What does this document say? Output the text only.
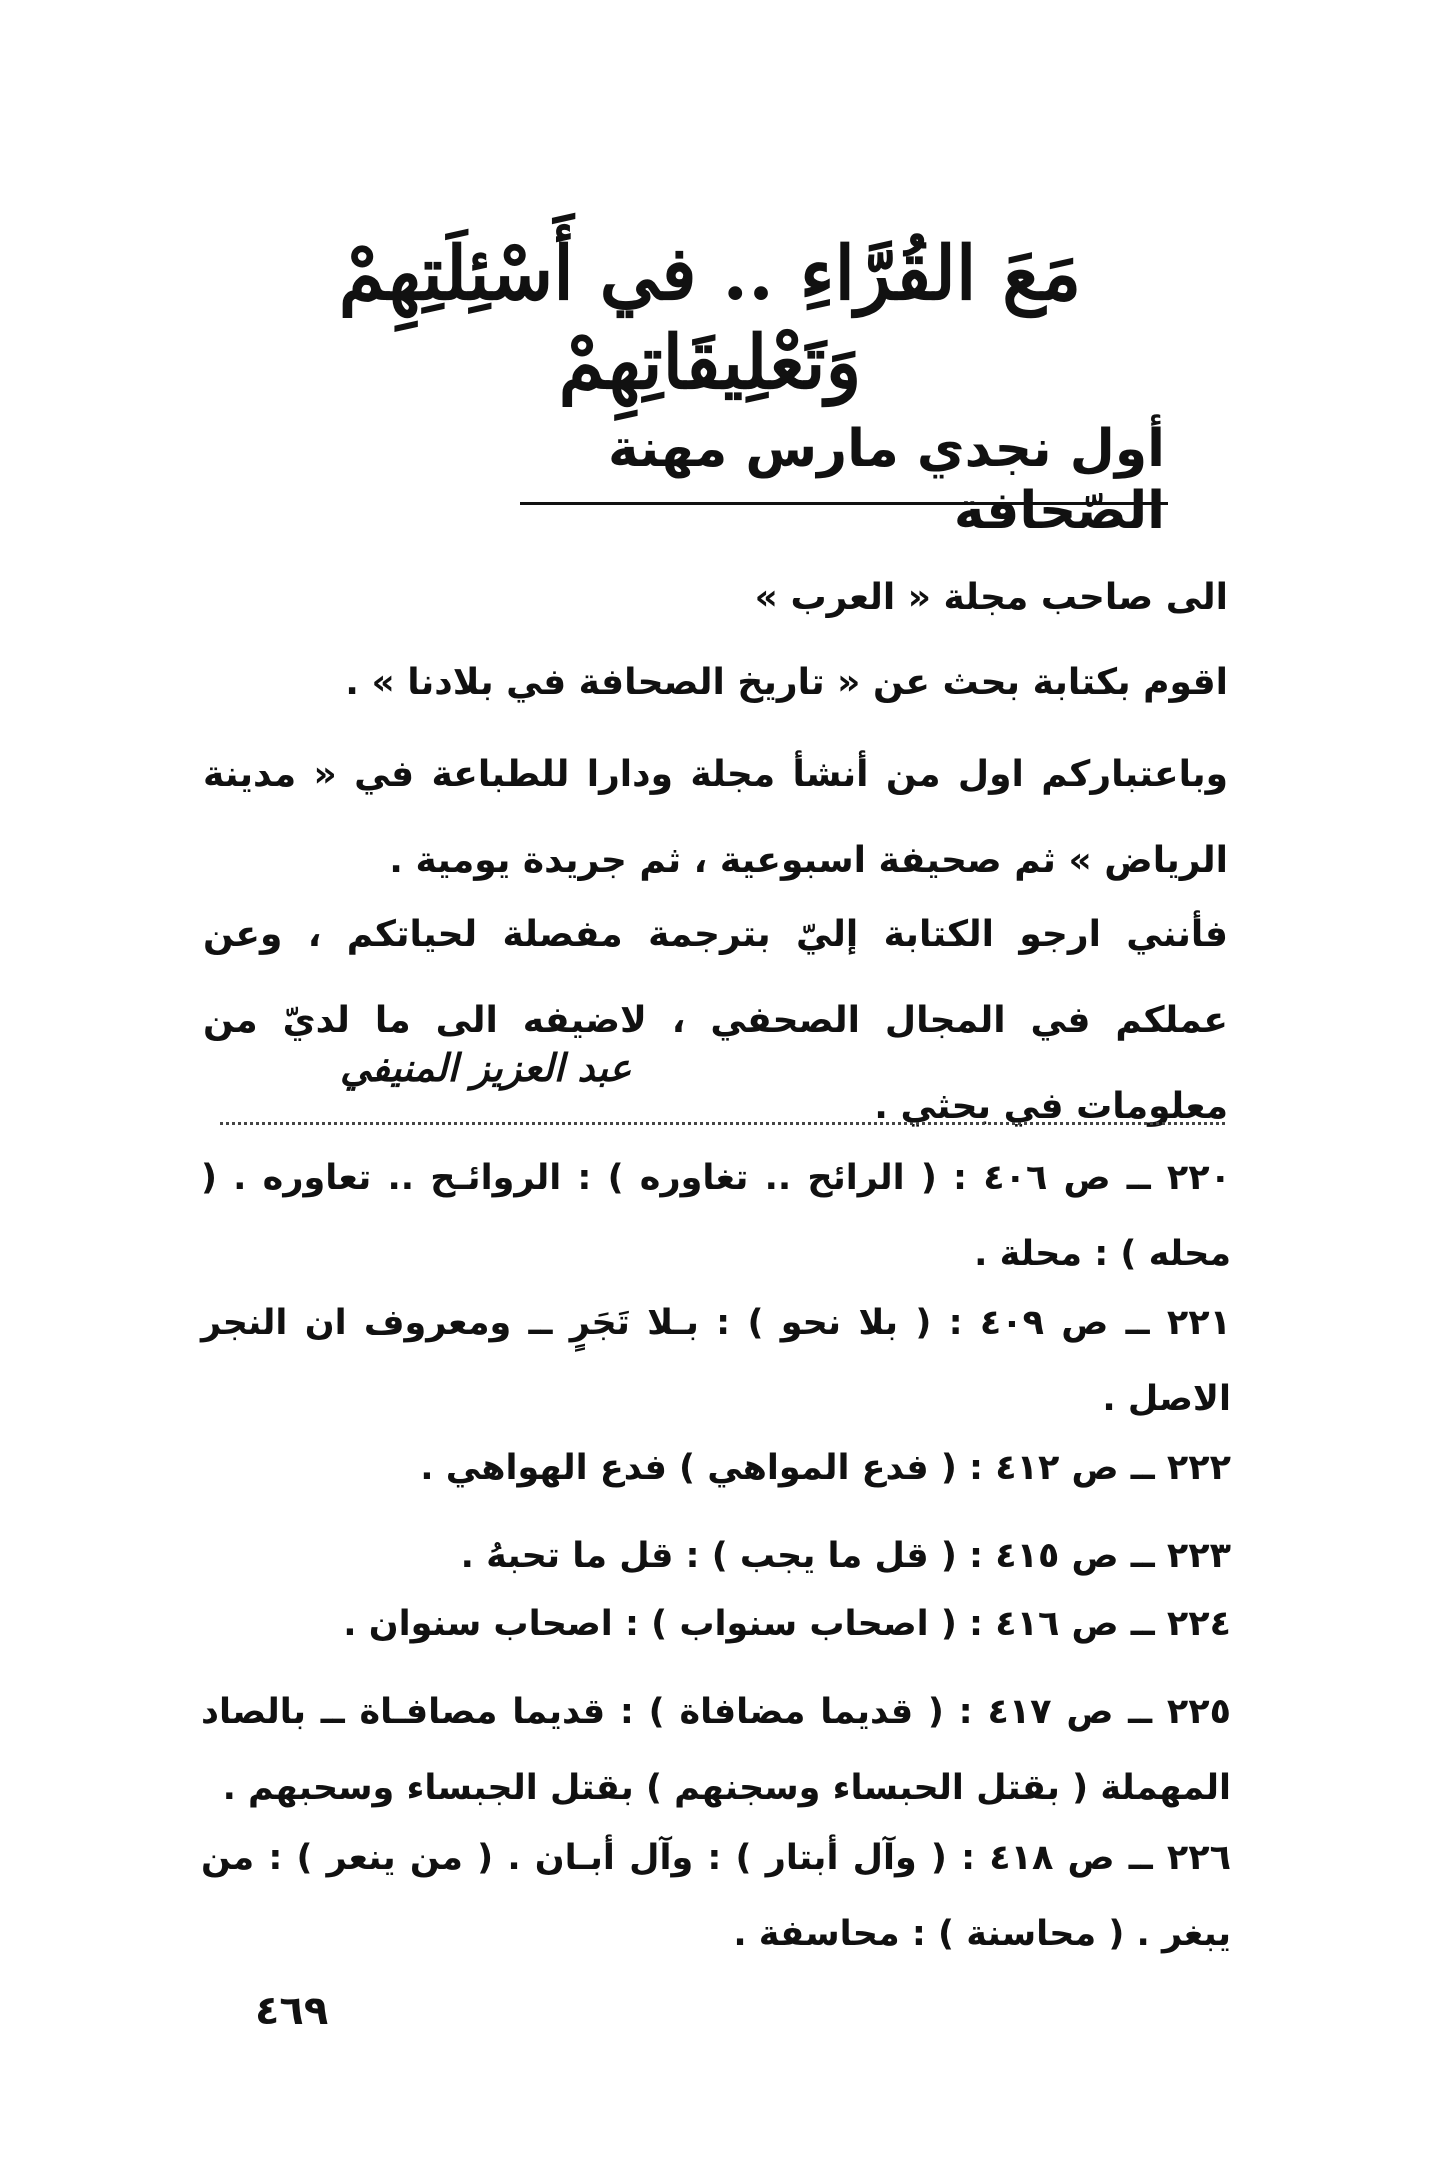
مَعَ القُرَّاءِ .. في أَسْئِلَتِهِمْ وَتَعْلِيقَاتِهِمْ
أول نجدي مارس مهنة الصّحافة
الى صاحب مجلة « العرب »
اقوم بكتابة بحث عن « تاريخ الصحافة في بلادنا » .
وباعتباركم اول من أنشأ مجلة ودارا للطباعة في « مدينة الرياض » ثم صحيفة اسبوعية ، ثم جريدة يومية .
فأنني ارجو الكتابة إليّ بترجمة مفصلة لحياتكم ، وعن عملكم في المجال الصحفي ، لاضيفه الى ما لديّ من معلومات في بحثي .
عبد العزيز المنيفي
٢٢٠ ــ ص ٤٠٦ : ( الرائح .. تغاوره ) : الروائـح .. تعاوره . ( محله ) : محلة .
٢٢١ ــ ص ٤٠٩ : ( بلا نحو ) : بـلا تَجَرٍ ــ ومعروف ان النجر الاصل .
٢٢٢ ــ ص ٤١٢ : ( فدع المواهي ) فدع الهواهي .
٢٢٣ ــ ص ٤١٥ : ( قل ما يجب ) : قل ما تحبهُ .
٢٢٤ ــ ص ٤١٦ : ( اصحاب سنواب ) : اصحاب سنوان .
٢٢٥ ــ ص ٤١٧ : ( قديما مضافاة ) : قديما مصافـاة ــ بالصاد المهملة ( بقتل الحبساء وسجنهم ) بقتل الجبساء وسحبهم .
٢٢٦ ــ ص ٤١٨ : ( وآل أبتار ) : وآل أبـان . ( من ينعر ) : من يبغر . ( محاسنة ) : محاسفة .
٤٦٩
